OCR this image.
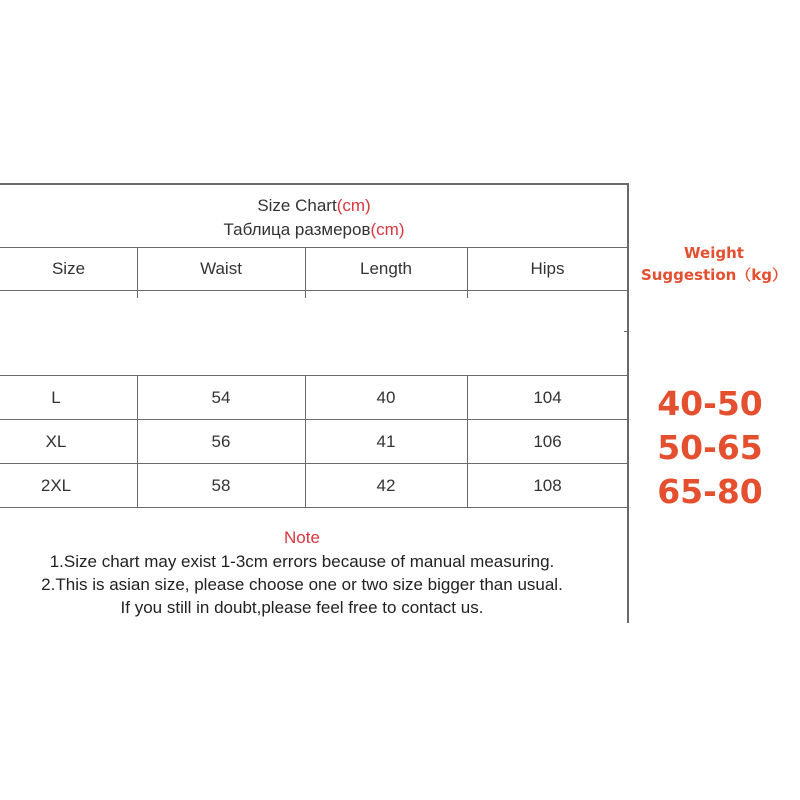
Size Chart(cm)
Таблица размеров(cm)
Size	Waist	Length	Hips
L	54	40	104
XL	56	41	106
2XL	58	42	108
Note
1.Size chart may exist 1-3cm errors because of manual measuring.
2.This is asian size, please choose one or two size bigger than usual.
If you still in doubt,please feel free to contact us.
Weight
Suggestion（kg）
40-50
50-65
65-80
